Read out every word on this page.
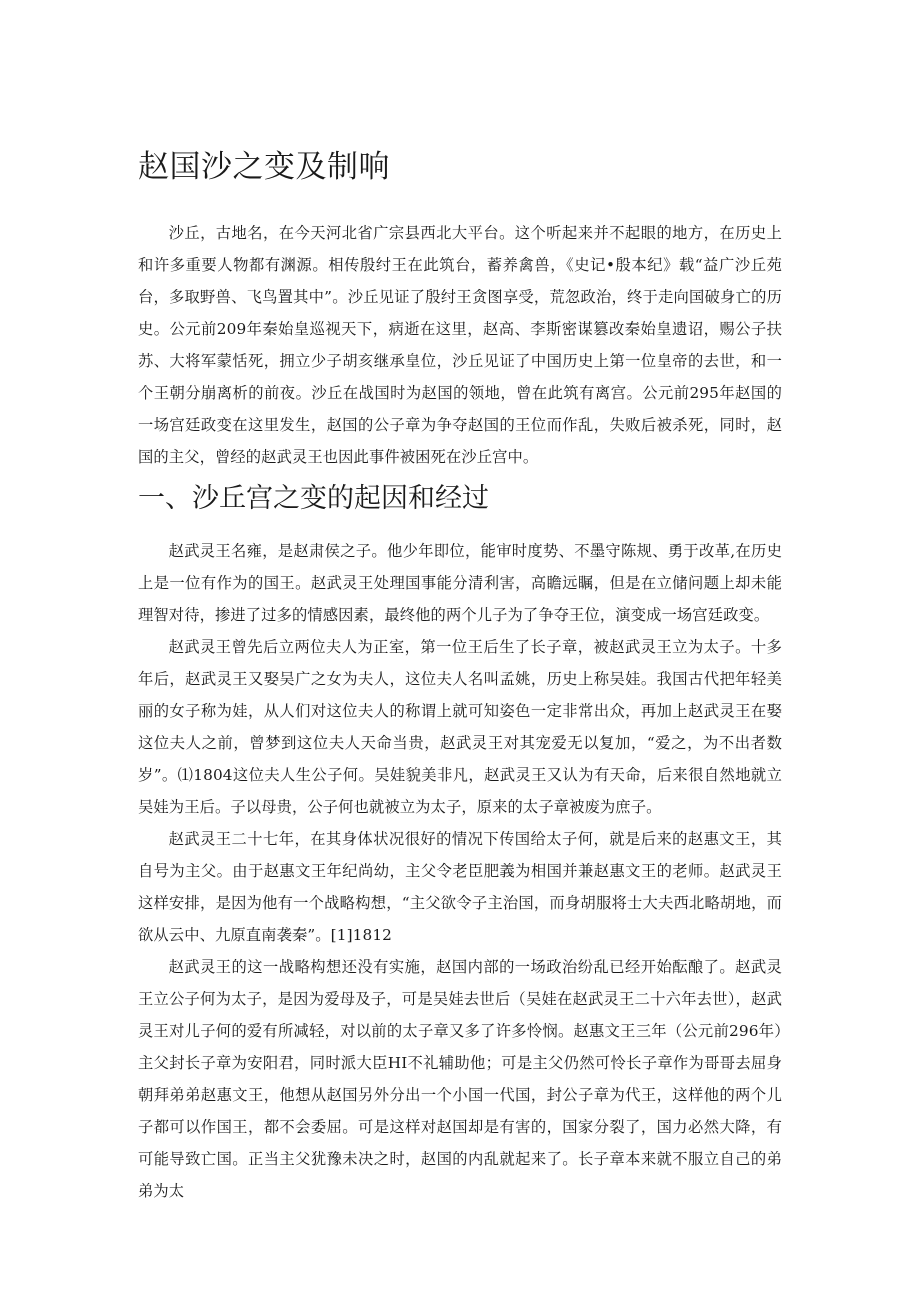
赵国沙之变及制响

沙丘，古地名，在今天河北省广宗县西北大平台。这个听起来并不起眼的地方，在历史上和许多重要人物都有渊源。相传殷纣王在此筑台，蓄养禽兽，《史记•殷本纪》载“益广沙丘苑台，多取野兽、飞鸟置其中”。沙丘见证了殷纣王贪图享受，荒忽政治，终于走向国破身亡的历史。公元前209年秦始皇巡视天下，病逝在这里，赵高、李斯密谋篡改秦始皇遗诏，赐公子扶苏、大将军蒙恬死，拥立少子胡亥继承皇位，沙丘见证了中国历史上第一位皇帝的去世，和一个王朝分崩离析的前夜。沙丘在战国时为赵国的领地，曾在此筑有离宫。公元前295年赵国的一场宫廷政变在这里发生，赵国的公子章为争夺赵国的王位而作乱，失败后被杀死，同时，赵国的主父，曾经的赵武灵王也因此事件被困死在沙丘宫中。

一、沙丘宫之变的起因和经过

赵武灵王名雍，是赵肃侯之子。他少年即位，能审时度势、不墨守陈规、勇于改革,在历史上是一位有作为的国王。赵武灵王处理国事能分清利害，高瞻远瞩，但是在立储问题上却未能理智对待，掺进了过多的情感因素，最终他的两个儿子为了争夺王位，演变成一场宫廷政变。

赵武灵王曾先后立两位夫人为正室，第一位王后生了长子章，被赵武灵王立为太子。十多年后，赵武灵王又娶吴广之女为夫人，这位夫人名叫孟姚，历史上称吴娃。我国古代把年轻美丽的女子称为娃，从人们对这位夫人的称谓上就可知姿色一定非常出众，再加上赵武灵王在娶这位夫人之前，曾梦到这位夫人天命当贵，赵武灵王对其宠爱无以复加，“爱之，为不出者数岁”。⑴1804这位夫人生公子何。吴娃貌美非凡，赵武灵王又认为有天命，后来很自然地就立吴娃为王后。子以母贵，公子何也就被立为太子，原来的太子章被废为庶子。

赵武灵王二十七年，在其身体状况很好的情况下传国给太子何，就是后来的赵惠文王，其自号为主父。由于赵惠文王年纪尚幼，主父令老臣肥義为相国并兼赵惠文王的老师。赵武灵王这样安排，是因为他有一个战略构想，“主父欲令子主治国，而身胡服将士大夫西北略胡地，而欲从云中、九原直南袭秦”。[1]1812

赵武灵王的这一战略构想还没有实施，赵国内部的一场政治纷乱已经开始酝酿了。赵武灵王立公子何为太子，是因为爱母及子，可是吴娃去世后（吴娃在赵武灵王二十六年去世），赵武灵王对儿子何的爱有所减轻，对以前的太子章又多了许多怜悯。赵惠文王三年（公元前296年）主父封长子章为安阳君，同时派大臣HI不礼辅助他；可是主父仍然可怜长子章作为哥哥去屈身朝拜弟弟赵惠文王，他想从赵国另外分出一个小国一代国，封公子章为代王，这样他的两个儿子都可以作国王，都不会委屈。可是这样对赵国却是有害的，国家分裂了，国力必然大降，有可能导致亡国。正当主父犹豫未决之时，赵国的内乱就起来了。长子章本来就不服立自己的弟弟为太
